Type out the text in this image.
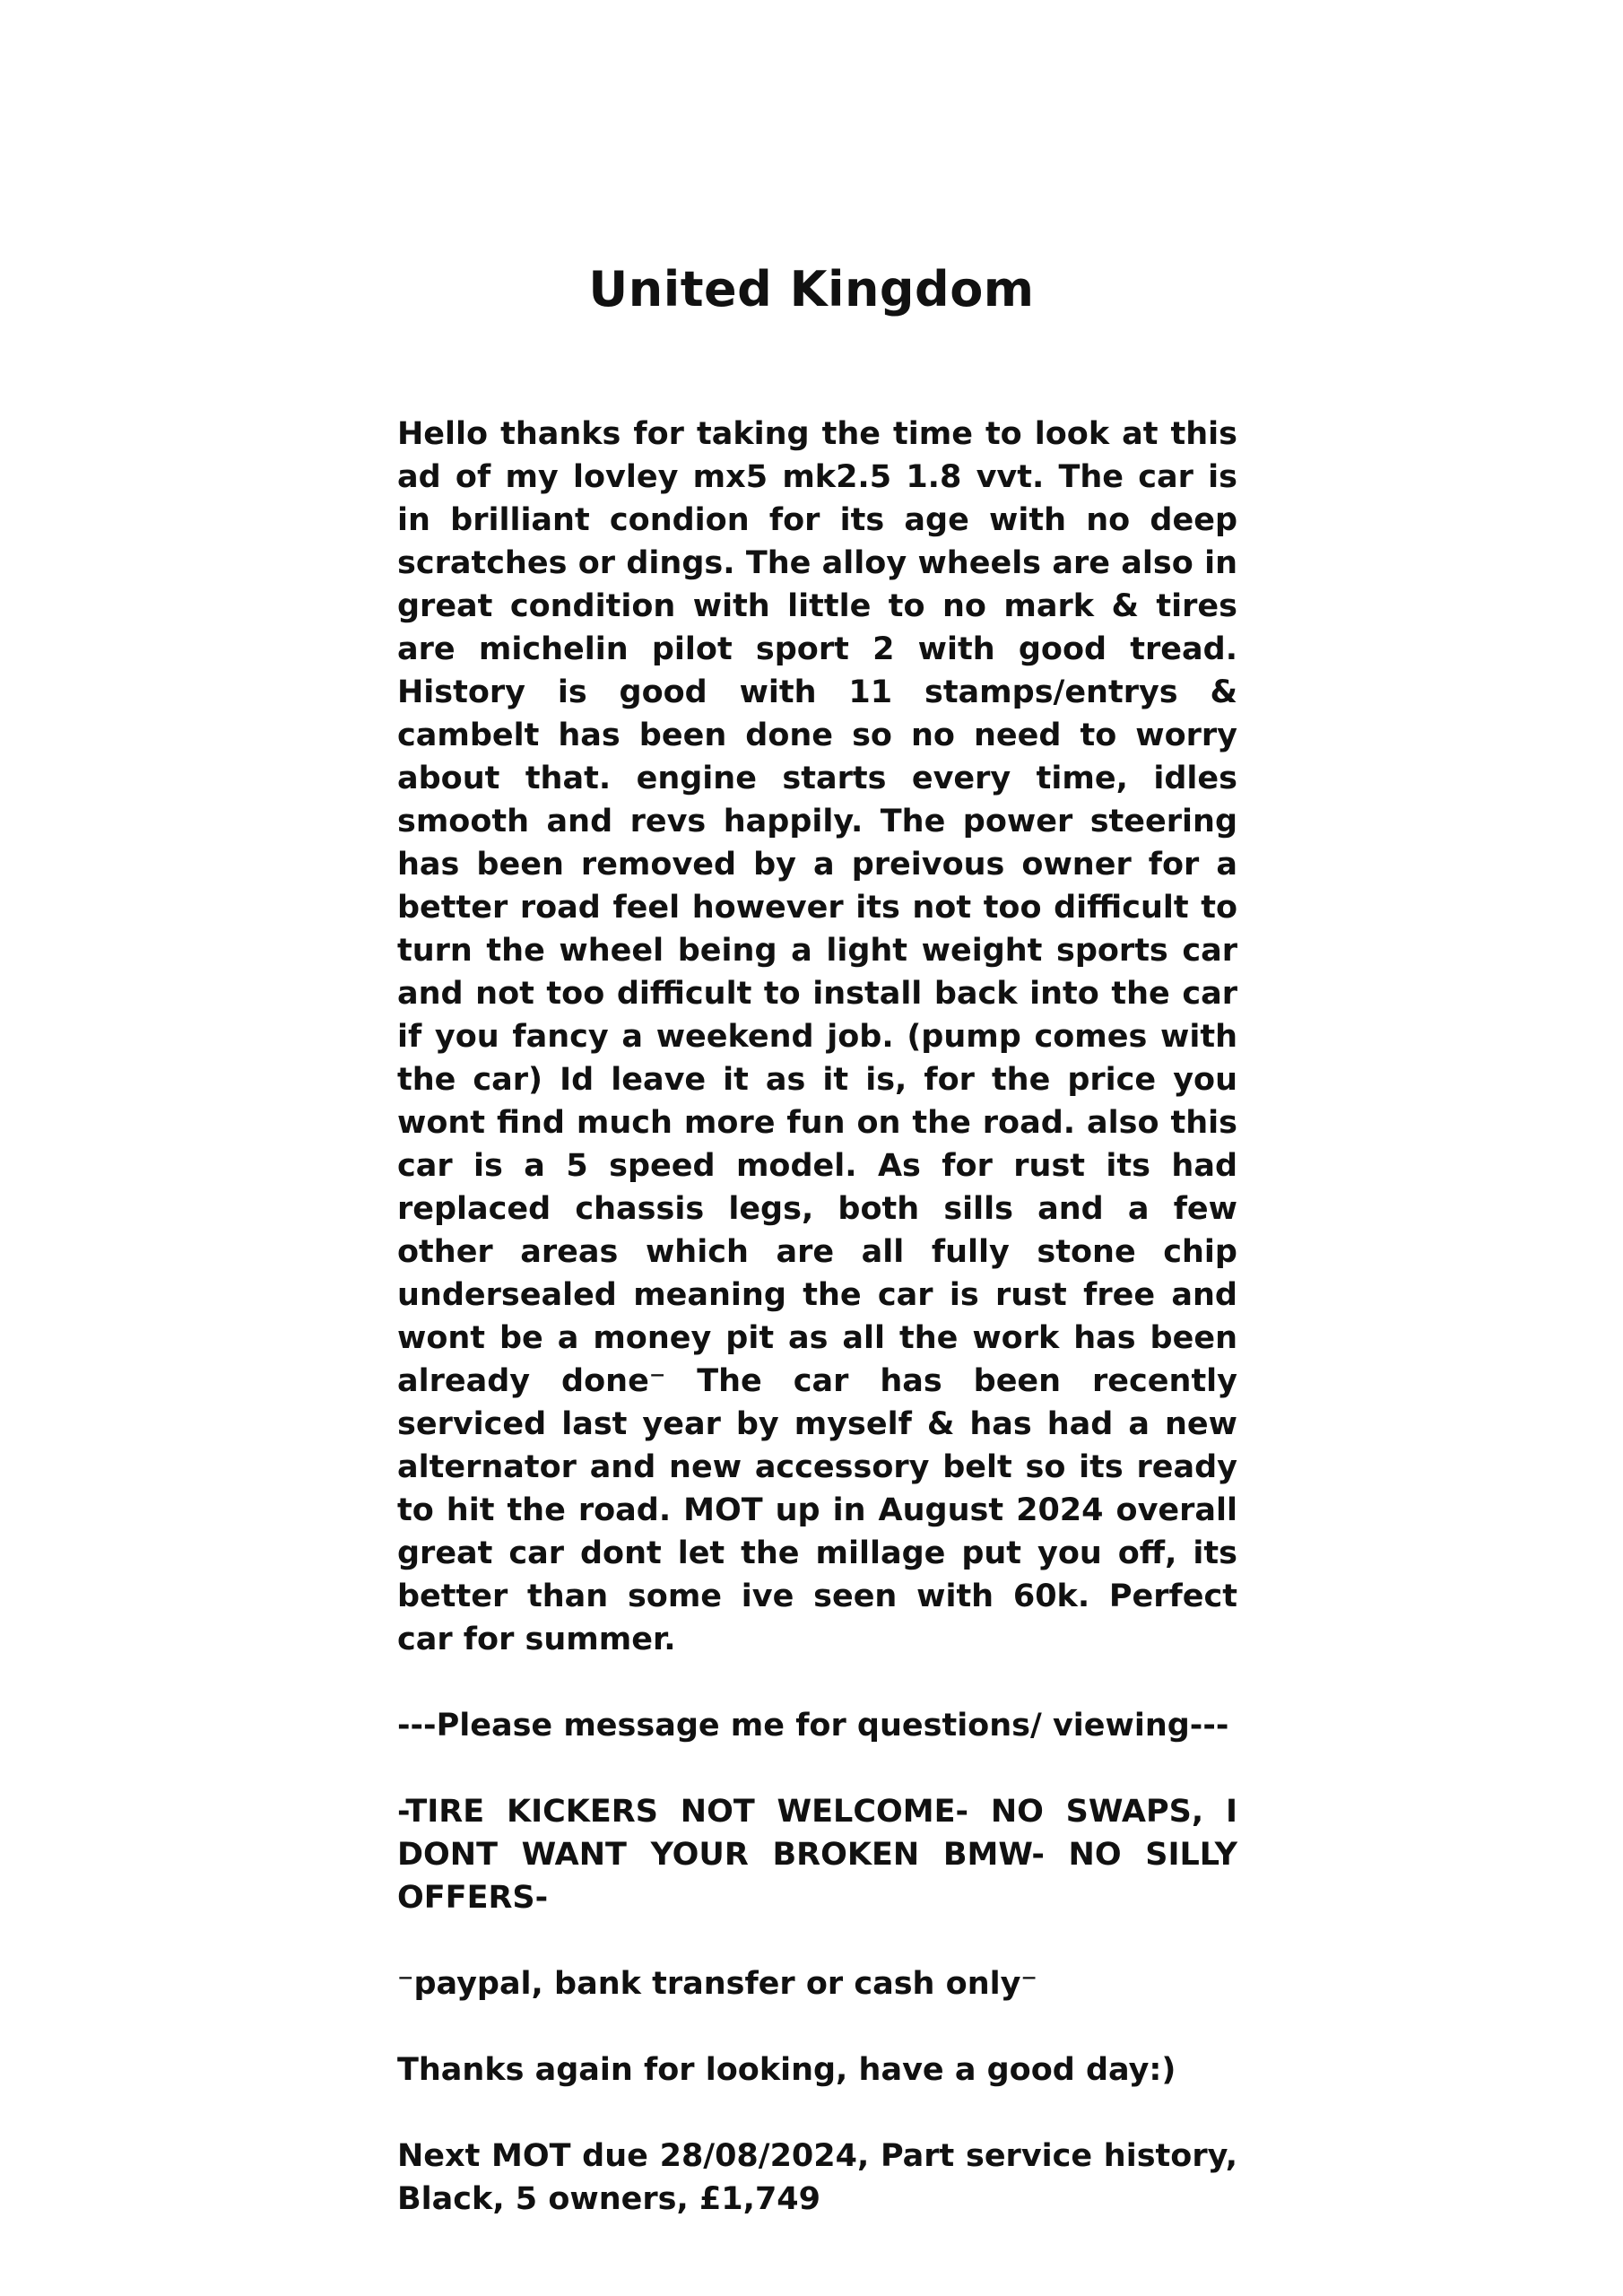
United Kingdom

Hello thanks for taking the time to look at this ad of my lovley mx5 mk2.5 1.8 vvt. The car is in brilliant condion for its age with no deep scratches or dings. The alloy wheels are also in great condition with little to no mark & tires are michelin pilot sport 2 with good tread. History is good with 11 stamps/entrys & cambelt has been done so no need to worry about that. engine starts every time, idles smooth and revs happily. The power steering has been removed by a preivous owner for a better road feel however its not too difficult to turn the wheel being a light weight sports car and not too difficult to install back into the car if you fancy a weekend job. (pump comes with the car) Id leave it as it is, for the price you wont find much more fun on the road. also this car is a 5 speed model. As for rust its had replaced chassis legs, both sills and a few other areas which are all fully stone chip undersealed meaning the car is rust free and wont be a money pit as all the work has been already done⁻ The car has been recently serviced last year by myself & has had a new alternator and new accessory belt so its ready to hit the road. MOT up in August 2024 overall great car dont let the millage put you off, its better than some ive seen with 60k. Perfect car for summer.

---Please message me for questions/ viewing---

-TIRE KICKERS NOT WELCOME- NO SWAPS, I DONT WANT YOUR BROKEN BMW- NO SILLY OFFERS-

⁻paypal, bank transfer or cash only⁻

Thanks again for looking, have a good day:)

Next MOT due 28/08/2024, Part service history, Black, 5 owners, £1,749
